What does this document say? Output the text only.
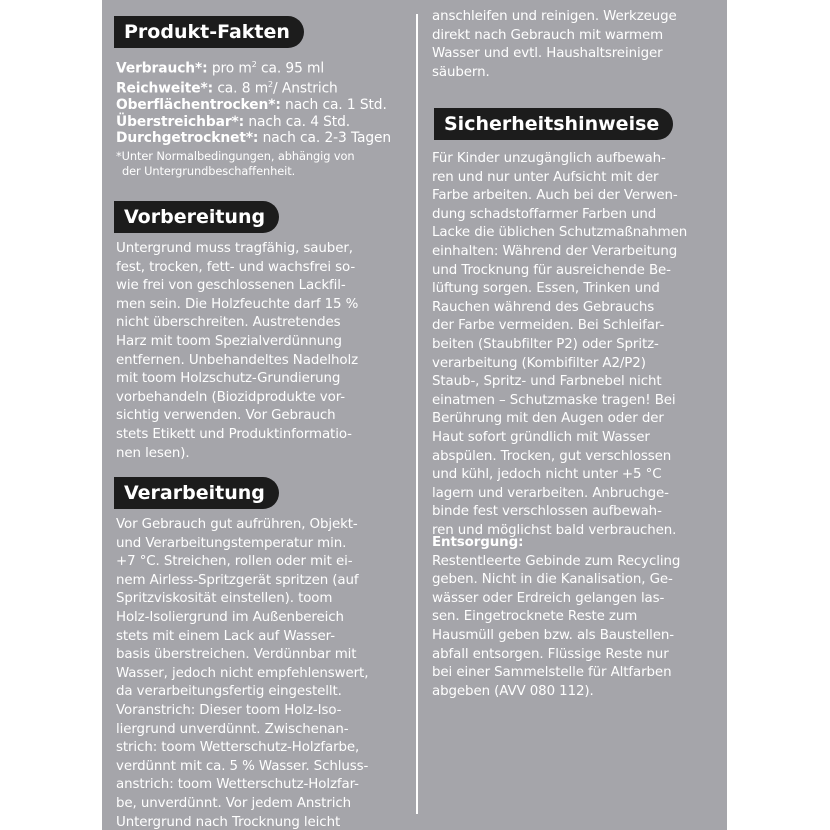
Produkt-Fakten
Verbrauch*: pro $m^2$ ca. 95 ml
Reichweite*: ca. 8 $m^2/$ Anstrich
Oberflächentrocken*: nach ca. 1 Std.
Überstreichbar*: nach ca. 4 Std.
Durchgetrocknet*: nach ca. 2-3 Tagen
*Unter Normalbedingungen, abhängig von
der Untergrundbeschaffenheit.
Vorbereitung
Untergrund muss tragfähig, sauber,
fest, trocken, fett- und wachsfrei so-
wie frei von geschlossenen Lackfil-
men sein. Die Holzfeuchte darf 15 %
nicht überschreiten. Austretendes
Harz mit toom Spezialverdünnung
entfernen. Unbehandeltes Nadelholz
mit toom Holzschutz-Grundierung
vorbehandeln (Biozidprodukte vor-
sichtig verwenden. Vor Gebrauch
stets Etikett und Produktinformatio-
nen lesen).
Verarbeitung
Vor Gebrauch gut aufrühren, Objekt-
und Verarbeitungstemperatur min.
+7 °C. Streichen, rollen oder mit ei-
nem Airless-Spritzgerät spritzen (auf
Spritzviskosität einstellen). toom
Holz-Isoliergrund im Außenbereich
stets mit einem Lack auf Wasser-
basis überstreichen. Verdünnbar mit
Wasser, jedoch nicht empfehlenswert,
da verarbeitungsfertig eingestellt.
Voranstrich: Dieser toom Holz-Iso-
liergrund unverdünnt. Zwischenan-
strich: toom Wetterschutz-Holzfarbe,
verdünnt mit ca. 5 % Wasser. Schluss-
anstrich: toom Wetterschutz-Holzfar-
be, unverdünnt. Vor jedem Anstrich
Untergrund nach Trocknung leicht
anschleifen und reinigen. Werkzeuge
direkt nach Gebrauch mit warmem
Wasser und evtl. Haushaltsreiniger
säubern.
Sicherheitshinweise
Für Kinder unzugänglich aufbewah-
ren und nur unter Aufsicht mit der
Farbe arbeiten. Auch bei der Verwen-
dung schadstoffarmer Farben und
Lacke die üblichen Schutzmaßnahmen
einhalten: Während der Verarbeitung
und Trocknung für ausreichende Be-
lüftung sorgen. Essen, Trinken und
Rauchen während des Gebrauchs
der Farbe vermeiden. Bei Schleifar-
beiten (Staubfilter P2) oder Spritz-
verarbeitung (Kombifilter A2/P2)
Staub-, Spritz- und Farbnebel nicht
einatmen – Schutzmaske tragen! Bei
Berührung mit den Augen oder der
Haut sofort gründlich mit Wasser
abspülen. Trocken, gut verschlossen
und kühl, jedoch nicht unter +5 °C
lagern und verarbeiten. Anbruchge-
binde fest verschlossen aufbewah-
ren und möglichst bald verbrauchen.
Entsorgung:
Restentleerte Gebinde zum Recycling
geben. Nicht in die Kanalisation, Ge-
wässer oder Erdreich gelangen las-
sen. Eingetrocknete Reste zum
Hausmüll geben bzw. als Baustellen-
abfall entsorgen. Flüssige Reste nur
bei einer Sammelstelle für Altfarben
abgeben (AVV 080 112).
